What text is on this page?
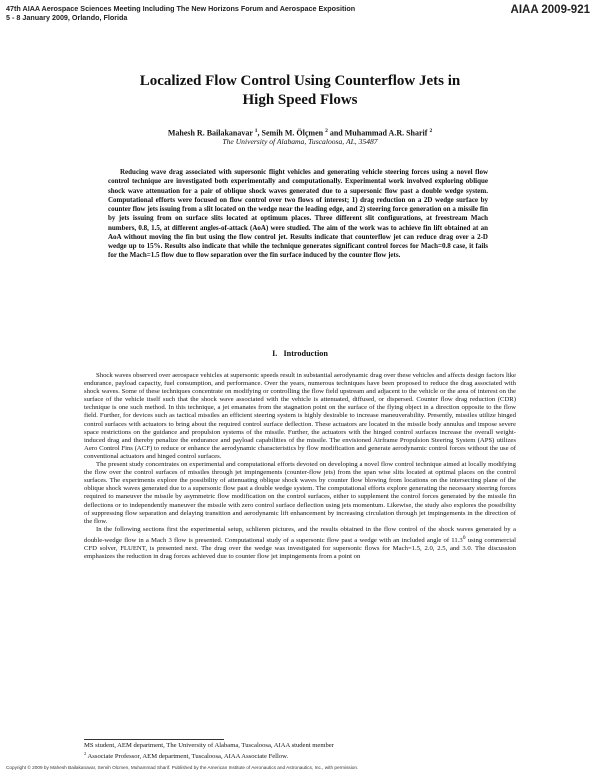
47th AIAA Aerospace Sciences Meeting Including The New Horizons Forum and Aerospace Exposition
5 - 8 January 2009, Orlando, Florida
AIAA 2009-921
Localized Flow Control Using Counterflow Jets in
High Speed Flows
Mahesh R. Bailakanavar $^1$, Semih M. Ölçmen $^2$ and Muhammad A.R. Sharif $^2$
The University of Alabama, Tuscaloosa, AL, 35487

Reducing wave drag associated with supersonic flight vehicles and generating vehicle steering forces using a novel flow control technique are investigated both experimentally and computationally. Experimental work involved exploring oblique shock wave attenuation for a pair of oblique shock waves generated due to a supersonic flow past a double wedge system. Computational efforts were focused on flow control over two flows of interest; 1) drag reduction on a 2D wedge surface by counter flow jets issuing from a slit located on the wedge near the leading edge, and 2) steering force generation on a missile fin by jets issuing from on surface slits located at optimum places. Three different slit configurations, at freestream Mach numbers, 0.8, 1.5, at different angles-of-attack (AoA) were studied. The aim of the work was to achieve fin lift obtained at an AoA without moving the fin but using the flow control jet. Results indicate that counterflow jet can reduce drag over a 2-D wedge up to 15%. Results also indicate that while the technique generates significant control forces for Mach=0.8 case, it fails for the Mach=1.5 flow due to flow separation over the fin surface induced by the counter flow jets.

I. Introduction

Shock waves observed over aerospace vehicles at supersonic speeds result in substantial aerodynamic drag over these vehicles and affects design factors like endurance, payload capacity, fuel consumption, and performance. Over the years, numerous techniques have been proposed to reduce the drag associated with shock waves. Some of these techniques concentrate on modifying or controlling the flow field upstream and adjacent to the vehicle or the area of interest on the surface of the vehicle itself such that the shock wave associated with the vehicle is attenuated, diffused, or dispersed. Counter flow drag reduction (CDR) technique is one such method. In this technique, a jet emanates from the stagnation point on the surface of the flying object in a direction opposite to the flow field. Further, for devices such as tactical missiles an efficient steering system is highly desirable to increase maneuverability. Presently, missiles utilize hinged control surfaces with actuators to bring about the required control surface deflection. These actuators are located in the missile body annulus and impose severe space restrictions on the guidance and propulsion systems of the missile. Further, the actuators with the hinged control surfaces increase the overall weight-induced drag and thereby penalize the endurance and payload capabilities of the missile. The envisioned Airframe Propulsion Steering System (APS) utilizes Aero Control Fins (ACF) to reduce or enhance the aerodynamic characteristics by flow modification and generate aerodynamic control forces without the use of conventional actuators and hinged control surfaces.

The present study concentrates on experimental and computational efforts devoted on developing a novel flow control technique aimed at locally modifying the flow over the control surfaces of missiles through jet impingements (counter-flow jets) from the span wise slits located at optimal places on the control surfaces. The experiments explore the possibility of attenuating oblique shock waves by counter flow blowing from locations on the intersecting plane of the oblique shock waves generated due to a supersonic flow past a double wedge system. The computational efforts explore generating the necessary steering forces required to maneuver the missile by asymmetric flow modification on the control surfaces, either to supplement the control forces generated by the missile fin deflections or to independently maneuver the missile with zero control surface deflection using jets momentum. Likewise, the study also explores the possibility of suppressing flow separation and delaying transition and aerodynamic lift enhancement by increasing circulation through jet impingements in the direction of the flow.

In the following sections first the experimental setup, schlieren pictures, and the results obtained in the flow control of the shock waves generated by a double-wedge flow in a Mach 3 flow is presented. Computational study of a supersonic flow past a wedge with an included angle of 11.3$^0$ using commercial CFD solver, FLUENT, is presented next. The drag over the wedge was investigated for supersonic flows for Mach=1.5, 2.0, 2.5, and 3.0. The discussion emphasizes the reduction in drag forces achieved due to counter flow jet impingements from a point on

MS student, AEM department, The University of Alabama, Tuscaloosa, AIAA student member
$^2$ Associate Professor, AEM department, Tuscaloosa, AIAA Associate Fellow.
Copyright © 2009 by Mahesh Bailakanavar, Semih Olcmen, Muhammad Sharif. Published by the American Institute of Aeronautics and Astronautics, Inc., with permission.
